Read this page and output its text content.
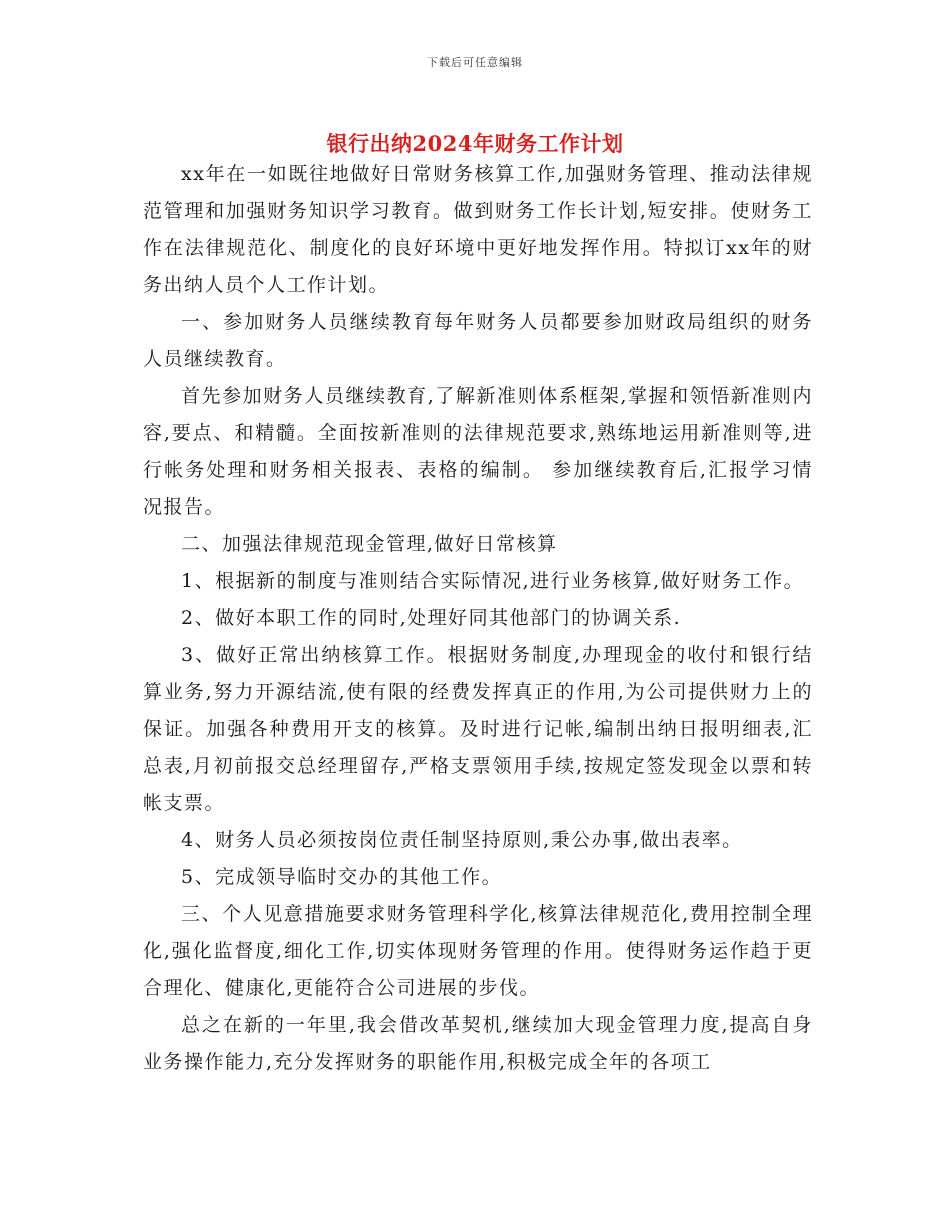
下载后可任意编辑
银行出纳2024年财务工作计划

xx年在一如既往地做好日常财务核算工作,加强财务管理、推动法律规范管理和加强财务知识学习教育。做到财务工作长计划,短安排。使财务工作在法律规范化、制度化的良好环境中更好地发挥作用。特拟订xx年的财务出纳人员个人工作计划。

一、参加财务人员继续教育每年财务人员都要参加财政局组织的财务人员继续教育。

首先参加财务人员继续教育,了解新准则体系框架,掌握和领悟新准则内容,要点、和精髓。全面按新准则的法律规范要求,熟练地运用新准则等,进行帐务处理和财务相关报表、表格的编制。 参加继续教育后,汇报学习情况报告。

二、加强法律规范现金管理,做好日常核算

1、根据新的制度与准则结合实际情况,进行业务核算,做好财务工作。

2、做好本职工作的同时,处理好同其他部门的协调关系.

3、做好正常出纳核算工作。根据财务制度,办理现金的收付和银行结算业务,努力开源结流,使有限的经费发挥真正的作用,为公司提供财力上的保证。加强各种费用开支的核算。及时进行记帐,编制出纳日报明细表,汇总表,月初前报交总经理留存,严格支票领用手续,按规定签发现金以票和转帐支票。

4、财务人员必须按岗位责任制坚持原则,秉公办事,做出表率。

5、完成领导临时交办的其他工作。

三、个人见意措施要求财务管理科学化,核算法律规范化,费用控制全理化,强化监督度,细化工作,切实体现财务管理的作用。使得财务运作趋于更合理化、健康化,更能符合公司进展的步伐。

总之在新的一年里,我会借改革契机,继续加大现金管理力度,提高自身业务操作能力,充分发挥财务的职能作用,积极完成全年的各项工
